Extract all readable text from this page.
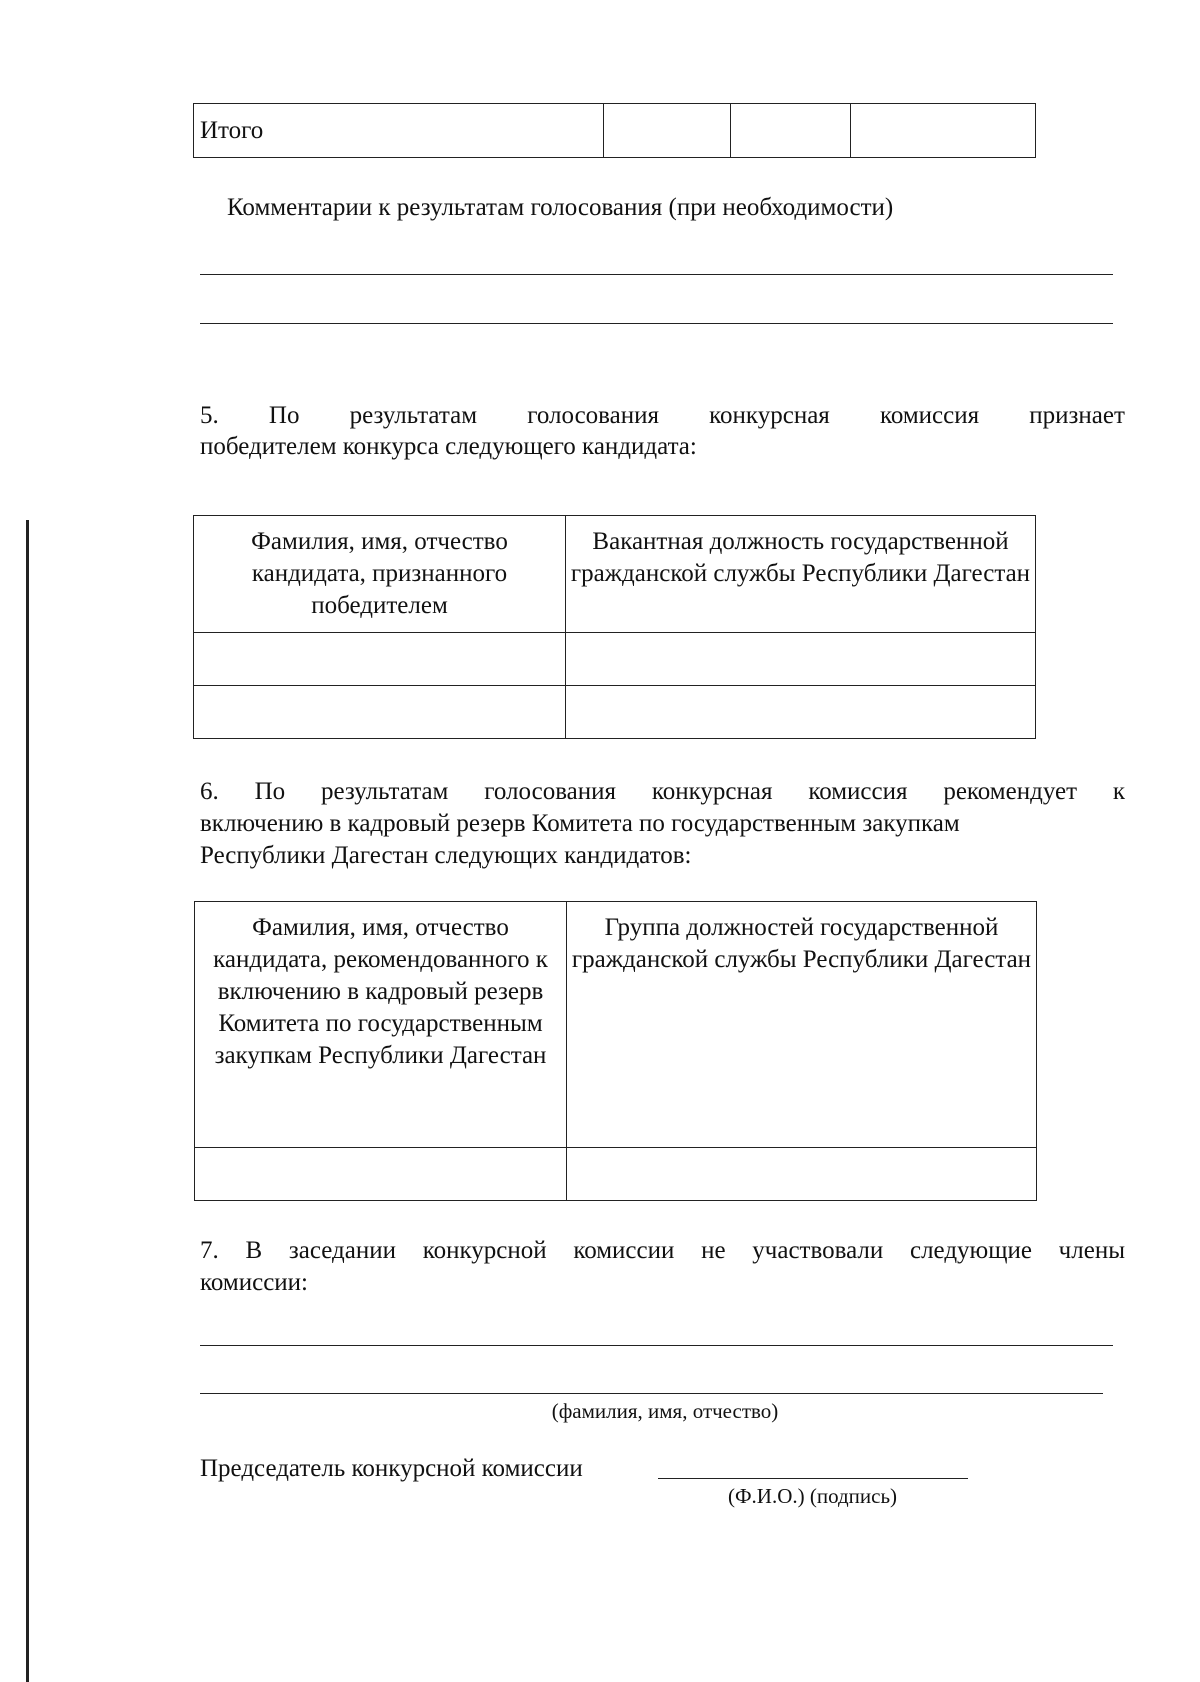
Итого			
Комментарии к результатам голосования (при необходимости)
5. По результатам голосования конкурсная комиссия признает
победителем конкурса следующего кандидата:
Фамилия, имя, отчество кандидата, признанного победителем	Вакантная должность государственной гражданской службы Республики Дагестан

6. По результатам голосования конкурсная комиссия рекомендует к
включению в кадровый резерв Комитета по государственным закупкам
Республики Дагестан следующих кандидатов:
Фамилия, имя, отчество кандидата, рекомендованного к включению в кадровый резерв Комитета по государственным закупкам Республики Дагестан	Группа должностей государственной гражданской службы Республики Дагестан

7. В заседании конкурсной комиссии не участвовали следующие члены
комиссии:
(фамилия, имя, отчество)
Председатель конкурсной комиссии
(Ф.И.О.) (подпись)
